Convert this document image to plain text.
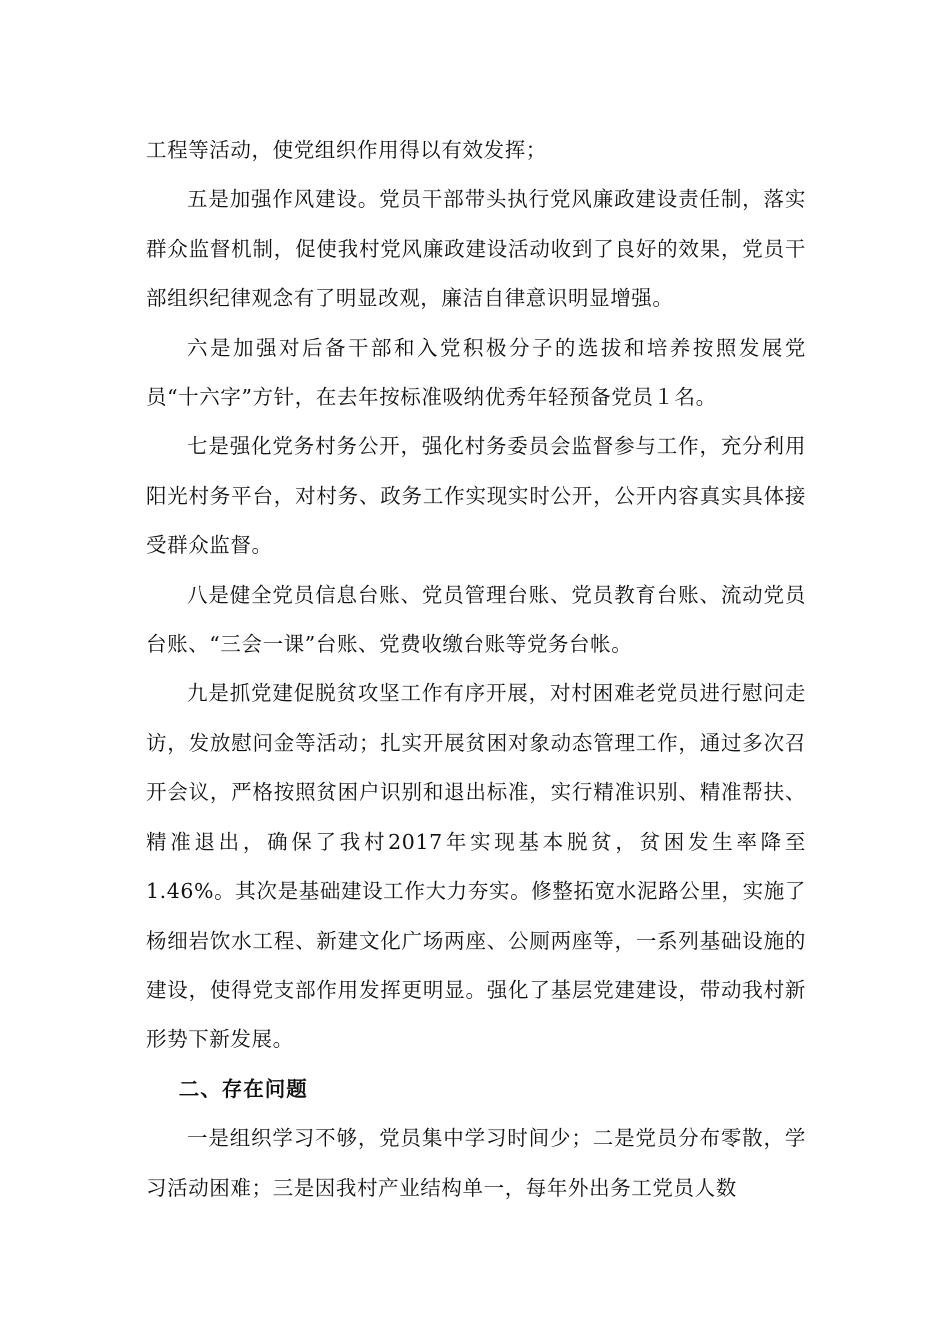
工程等活动，使党组织作用得以有效发挥；

五是加强作风建设。党员干部带头执行党风廉政建设责任制，落实群众监督机制，促使我村党风廉政建设活动收到了良好的效果，党员干部组织纪律观念有了明显改观，廉洁自律意识明显增强。

六是加强对后备干部和入党积极分子的选拔和培养按照发展党员“十六字”方针，在去年按标准吸纳优秀年轻预备党员１名。

七是强化党务村务公开，强化村务委员会监督参与工作，充分利用阳光村务平台，对村务、政务工作实现实时公开，公开内容真实具体接受群众监督。

八是健全党员信息台账、党员管理台账、党员教育台账、流动党员台账、“三会一课”台账、党费收缴台账等党务台帐。

九是抓党建促脱贫攻坚工作有序开展，对村困难老党员进行慰问走访，发放慰问金等活动；扎实开展贫困对象动态管理工作，通过多次召开会议，严格按照贫困户识别和退出标准，实行精准识别、精准帮扶、精准退出，确保了我村2017年实现基本脱贫，贫困发生率降至1.46%。其次是基础建设工作大力夯实。修整拓宽水泥路公里，实施了杨细岩饮水工程、新建文化广场两座、公厕两座等，一系列基础设施的建设，使得党支部作用发挥更明显。强化了基层党建建设，带动我村新形势下新发展。

二、存在问题

一是组织学习不够，党员集中学习时间少；二是党员分布零散，学习活动困难；三是因我村产业结构单一，每年外出务工党员人数
